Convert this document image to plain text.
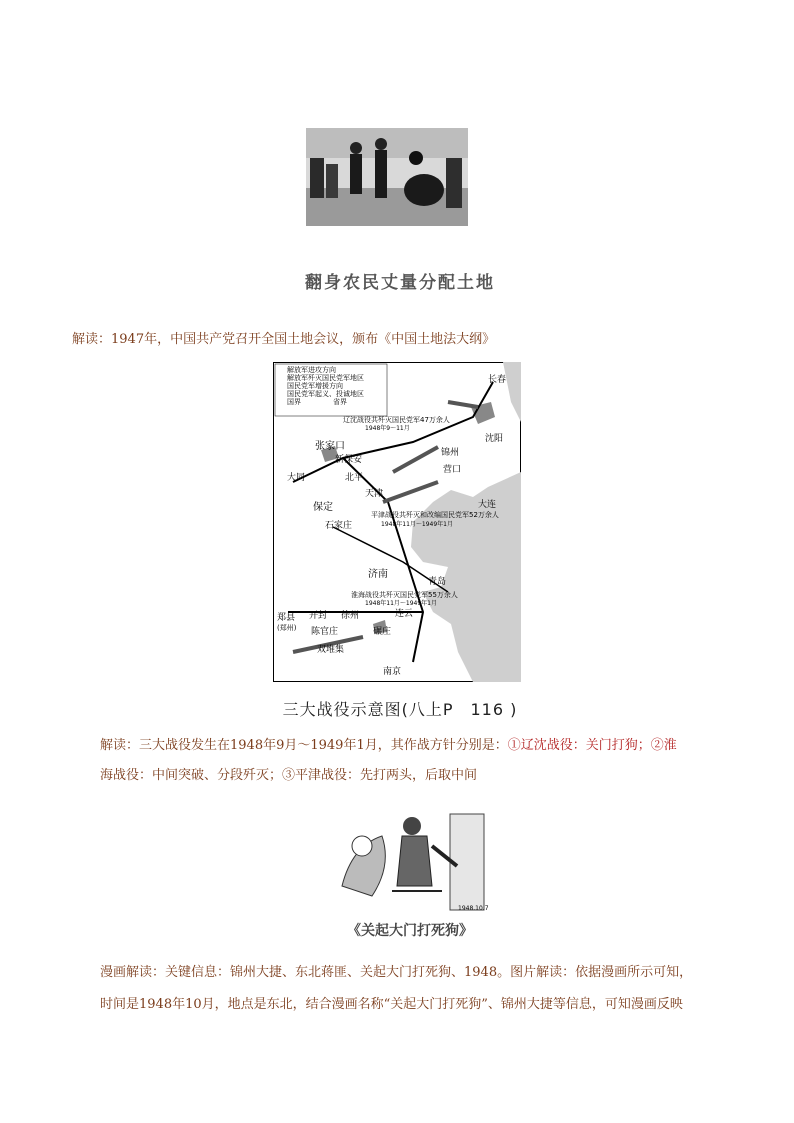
翻身农民丈量分配土地
解读：1947年，中国共产党召开全国土地会议，颁布《中国土地法大纲》
解放军进攻方向
解放军歼灭国民党军地区
国民党军增援方向
国民党军起义、投诚地区
国界	省界
辽沈战役共歼灭国民党军47万余人
1948年9～11月
平津战役共歼灭和改编国民党军52万余人
1948年11月～1949年1月
淮海战役共歼灭国民党军55万余人
1948年11月～1949年1月
长春
沈阳
锦州
营口
大连
张家口
新保安
北平
天津
保定
石家庄
大同
济南
青岛
郑县
(郑州)
开封 徐州
陈官庄	碾庄
连云
双堆集
南京
三大战役示意图(八上P　116 )
解读：三大战役发生在1948年9月～1949年1月，其作战方针分别是：①辽沈战役：关门打狗；②淮
海战役：中间突破、分段歼灭；③平津战役：先打两头，后取中间
1948.10.7
《关起大门打死狗》
漫画解读：关键信息：锦州大捷、东北蒋匪、关起大门打死狗、1948。图片解读：依据漫画所示可知，
时间是1948年10月，地点是东北，结合漫画名称“关起大门打死狗”、锦州大捷等信息，可知漫画反映
